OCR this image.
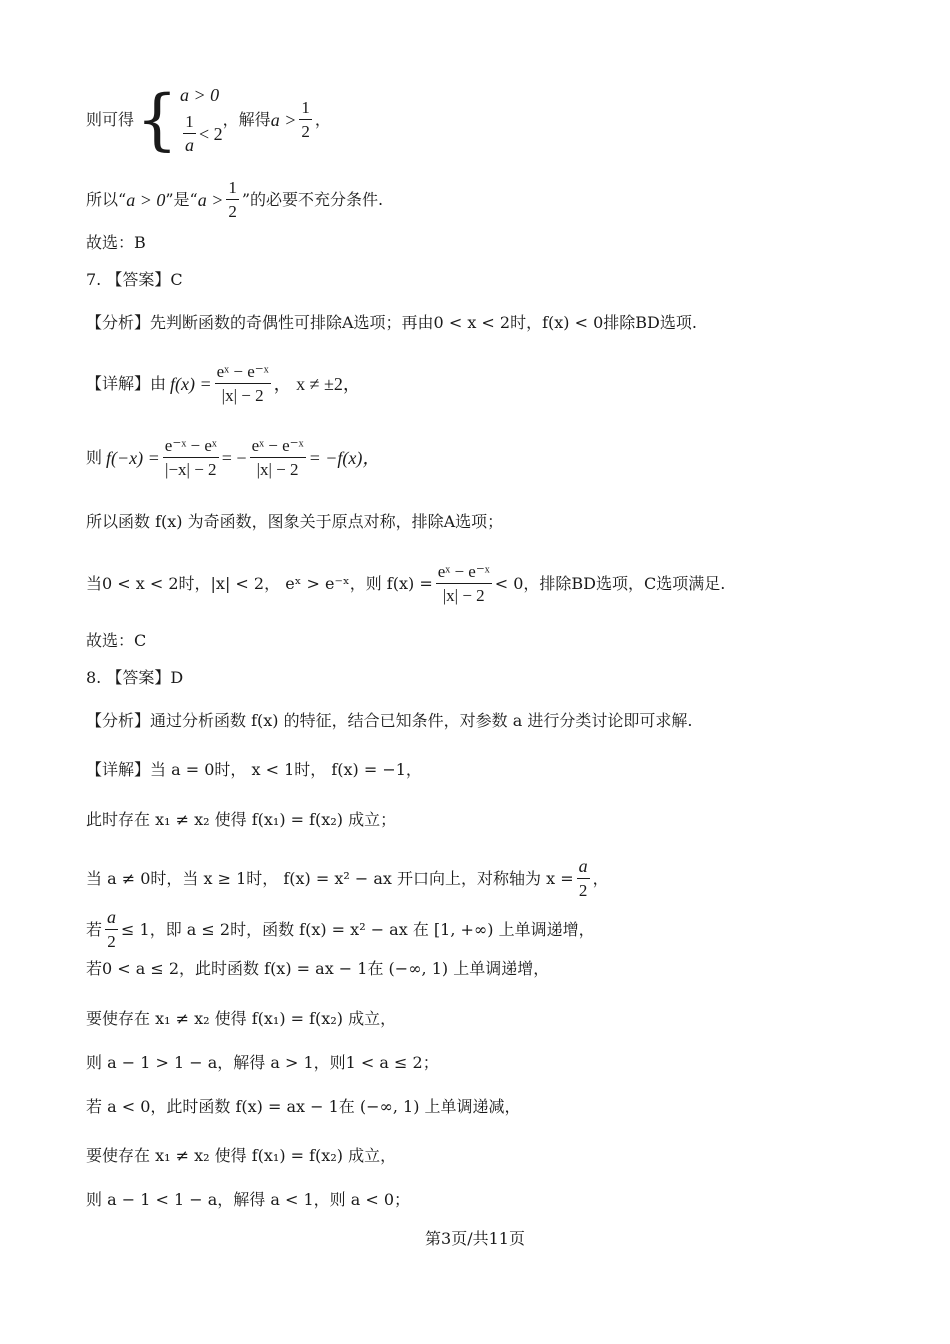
则可得 { a > 0
$\frac{1}{a} < 2$
，解得 $a > \frac{1}{2}$ ，
所以“ a > 0 ”是“ $a > \frac{1}{2}$ ”的必要不充分条件.
故选：B
7. 【答案】C
【分析】先判断函数的奇偶性可排除A选项；再由0 < x < 2时，f(x) < 0排除BD选项.
【详解】由 $f(x) = \frac{\text{eˣ − e⁻ˣ}}{|x| - 2}$ ， x ≠ ±2，
则 $f(-x) = \frac{\text{e⁻ˣ − eˣ}}{|-x| - 2}$ = − $\frac{\text{eˣ − e⁻ˣ}}{|x| - 2} = -f(x)$，
所以函数 f(x) 为奇函数，图象关于原点对称，排除A选项；
当0 < x < 2时，|x| < 2， eˣ > e⁻ˣ，则 $f(x) = \frac{\text{eˣ − e⁻ˣ}}{|x| - 2} < 0$，排除BD选项，C选项满足.
故选：C
8. 【答案】D
【分析】通过分析函数 f(x) 的特征，结合已知条件，对参数 a 进行分类讨论即可求解.
【详解】当 a = 0时， x < 1时， f(x) = −1，
此时存在 x₁ ≠ x₂ 使得 f(x₁) = f(x₂) 成立；
当 a ≠ 0时，当 x ≥ 1时， f(x) = x² − ax 开口向上，对称轴为 $x = \frac{a}{2}$ ，
若 $\frac{a}{2} \le 1$，即 a ≤ 2时，函数 f(x) = x² − ax 在 [1, +∞) 上单调递增，
若0 < a ≤ 2，此时函数 f(x) = ax − 1在 (−∞, 1) 上单调递增，
要使存在 x₁ ≠ x₂ 使得 f(x₁) = f(x₂) 成立，
则 a − 1 > 1 − a，解得 a > 1，则1 < a ≤ 2；
若 a < 0，此时函数 f(x) = ax − 1在 (−∞, 1) 上单调递减，
要使存在 x₁ ≠ x₂ 使得 f(x₁) = f(x₂) 成立，
则 a − 1 < 1 − a，解得 a < 1，则 a < 0；
第3页/共11页
